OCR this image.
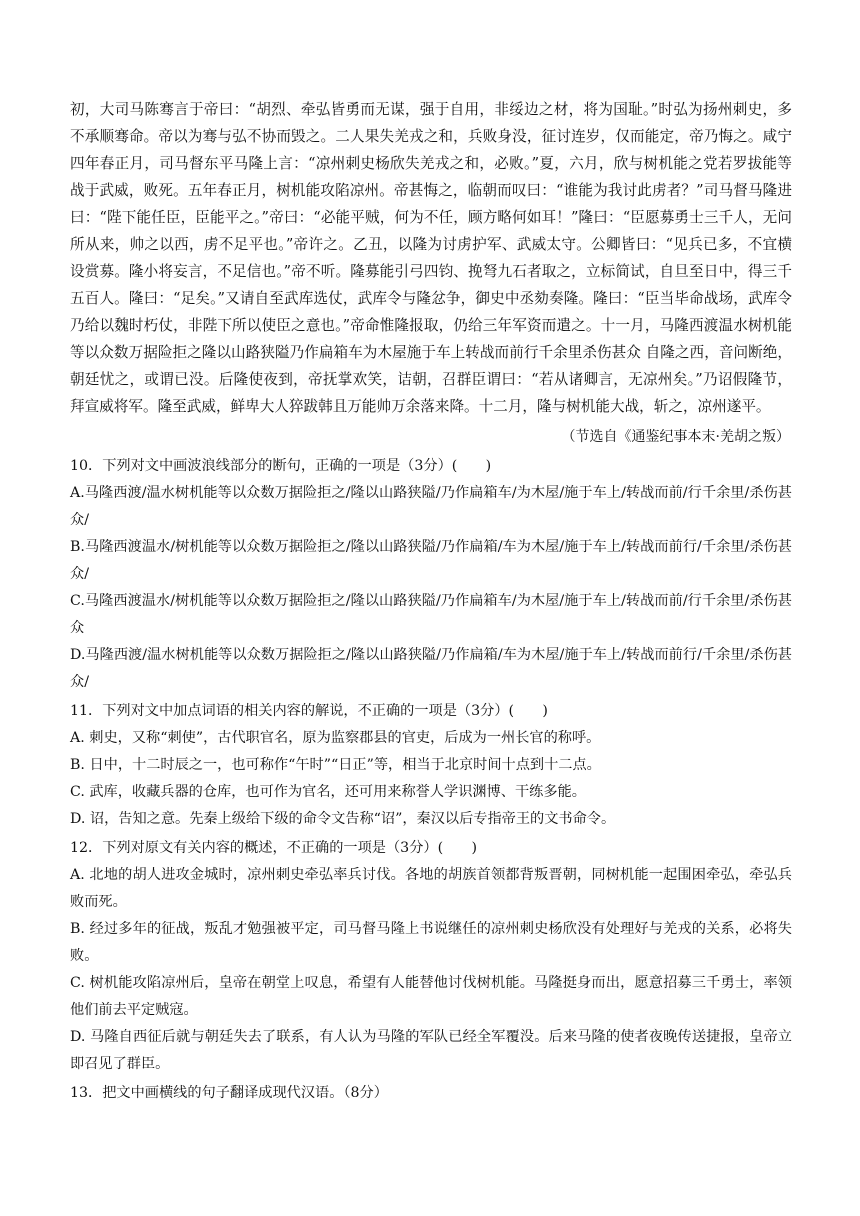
初，大司马陈骞言于帝曰：“胡烈、牵弘皆勇而无谋，强于自用，非绥边之材，将为国耻。”时弘为扬州刺史，多不承顺骞命。帝以为骞与弘不协而毁之。二人果失羌戎之和，兵败身没，征讨连岁，仅而能定，帝乃悔之。咸宁四年春正月，司马督东平马隆上言：“凉州刺史杨欣失羌戎之和，必败。”夏，六月，欣与树机能之党若罗拔能等战于武威，败死。五年春正月，树机能攻陷凉州。帝甚悔之，临朝而叹曰：“谁能为我讨此虏者？”司马督马隆进曰：“陛下能任臣，臣能平之。”帝曰：“必能平贼，何为不任，顾方略何如耳！”隆曰：“臣愿募勇士三千人，无问所从来，帅之以西，虏不足平也。”帝许之。乙丑，以隆为讨虏护军、武威太守。公卿皆曰：“见兵已多，不宜横设赏募。隆小将妄言，不足信也。”帝不听。隆募能引弓四钧、挽弩九石者取之，立标简试，自旦至日中，得三千五百人。隆曰：“足矣。”又请自至武库选仗，武库令与隆忿争，御史中丞劾奏隆。隆曰：“臣当毕命战场，武库令乃给以魏时朽仗，非陛下所以使臣之意也。”帝命惟隆报取，仍给三年军资而遣之。十一月，马隆西渡温水树机能等以众数万据险拒之隆以山路狭隘乃作扁箱车为木屋施于车上转战而前行千余里杀伤甚众 自隆之西，音问断绝，朝廷忧之，或谓已没。后隆使夜到，帝抚掌欢笑，诘朝，召群臣谓曰：“若从诸卿言，无凉州矣。”乃诏假隆节，拜宣威将军。隆至武威，鲜卑大人猝跋韩且万能帅万余落来降。十二月，隆与树机能大战，斩之，凉州遂平。

（节选自《通鉴纪事本末·羌胡之叛）

10．下列对文中画波浪线部分的断句，正确的一项是（3分）(　　)

A.马隆西渡/温水树机能等以众数万据险拒之/隆以山路狭隘/乃作扁箱车/为木屋/施于车上/转战而前/行千余里/杀伤甚众/

B.马隆西渡温水/树机能等以众数万据险拒之/隆以山路狭隘/乃作扁箱/车为木屋/施于车上/转战而前行/千余里/杀伤甚众/

C.马隆西渡温水/树机能等以众数万据险拒之/隆以山路狭隘/乃作扁箱车/为木屋/施于车上/转战而前/行千余里/杀伤甚众

D.马隆西渡/温水树机能等以众数万据险拒之/隆以山路狭隘/乃作扁箱/车为木屋/施于车上/转战而前行/千余里/杀伤甚众/

11．下列对文中加点词语的相关内容的解说，不正确的一项是（3分）(　　)

A. 刺史，又称“刺使”，古代职官名，原为监察郡县的官吏，后成为一州长官的称呼。

B. 日中，十二时辰之一，也可称作“午时”“日正”等，相当于北京时间十点到十二点。

C. 武库，收藏兵器的仓库，也可作为官名，还可用来称誉人学识渊博、干练多能。

D. 诏，告知之意。先秦上级给下级的命令文告称“诏”，秦汉以后专指帝王的文书命令。

12．下列对原文有关内容的概述，不正确的一项是（3分）(　　)

A. 北地的胡人进攻金城时，凉州刺史牵弘率兵讨伐。各地的胡族首领都背叛晋朝，同树机能一起围困牵弘，牵弘兵败而死。

B. 经过多年的征战，叛乱才勉强被平定，司马督马隆上书说继任的凉州刺史杨欣没有处理好与羌戎的关系，必将失败。

C. 树机能攻陷凉州后，皇帝在朝堂上叹息，希望有人能替他讨伐树机能。马隆挺身而出，愿意招募三千勇士，率领他们前去平定贼寇。

D. 马隆自西征后就与朝廷失去了联系，有人认为马隆的军队已经全军覆没。后来马隆的使者夜晚传送捷报，皇帝立即召见了群臣。

13．把文中画横线的句子翻译成现代汉语。（8分）
